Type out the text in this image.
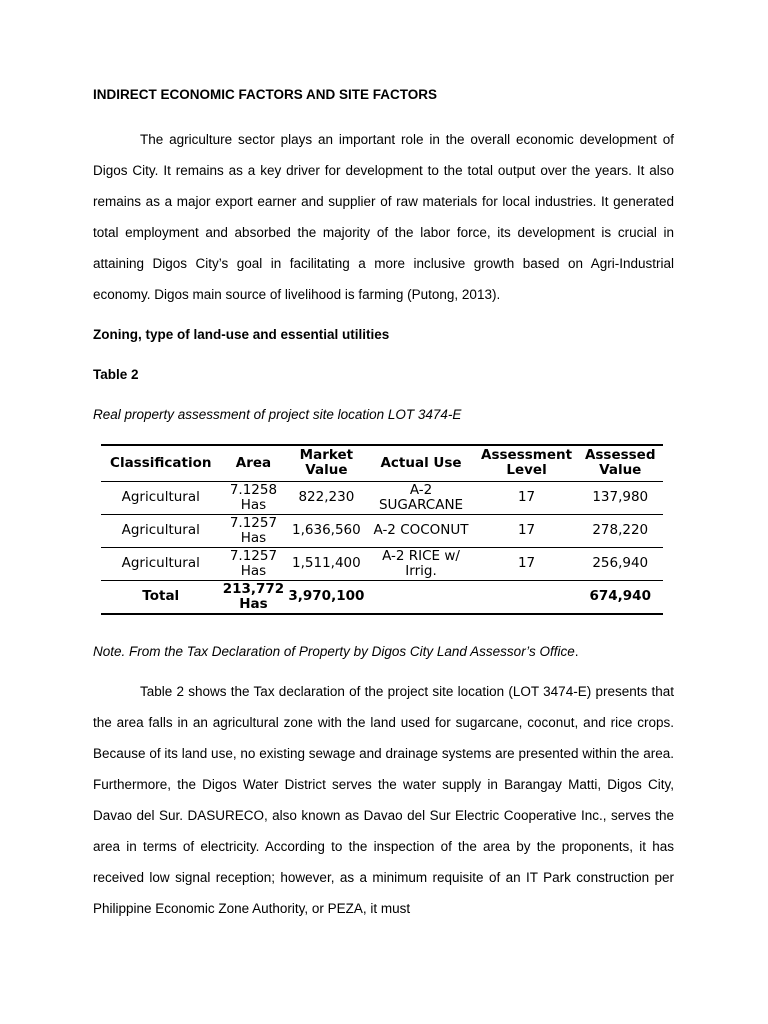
INDIRECT ECONOMIC FACTORS AND SITE FACTORS

The agriculture sector plays an important role in the overall economic development of Digos City. It remains as a key driver for development to the total output over the years. It also remains as a major export earner and supplier of raw materials for local industries. It generated total employment and absorbed the majority of the labor force, its development is crucial in attaining Digos City’s goal in facilitating a more inclusive growth based on Agri-Industrial economy. Digos main source of livelihood is farming (Putong, 2013).

Zoning, type of land-use and essential utilities
Table 2
Real property assessment of project site location LOT 3474-E
Classification	Area	Market Value	Actual Use	Assessment Level	Assessed Value
Agricultural	7.1258 Has	822,230	A-2 SUGARCANE	17	137,980
Agricultural	7.1257 Has	1,636,560	A-2 COCONUT	17	278,220
Agricultural	7.1257 Has	1,511,400	A-2 RICE w/ Irrig.	17	256,940
Total	213,772 Has	3,970,100			674,940
Note. From the Tax Declaration of Property by Digos City Land Assessor’s Office.

Table 2 shows the Tax declaration of the project site location (LOT 3474-E) presents that the area falls in an agricultural zone with the land used for sugarcane, coconut, and rice crops. Because of its land use, no existing sewage and drainage systems are presented within the area. Furthermore, the Digos Water District serves the water supply in Barangay Matti, Digos City, Davao del Sur. DASURECO, also known as Davao del Sur Electric Cooperative Inc., serves the area in terms of electricity. According to the inspection of the area by the proponents, it has received low signal reception; however, as a minimum requisite of an IT Park construction per Philippine Economic Zone Authority, or PEZA, it must
